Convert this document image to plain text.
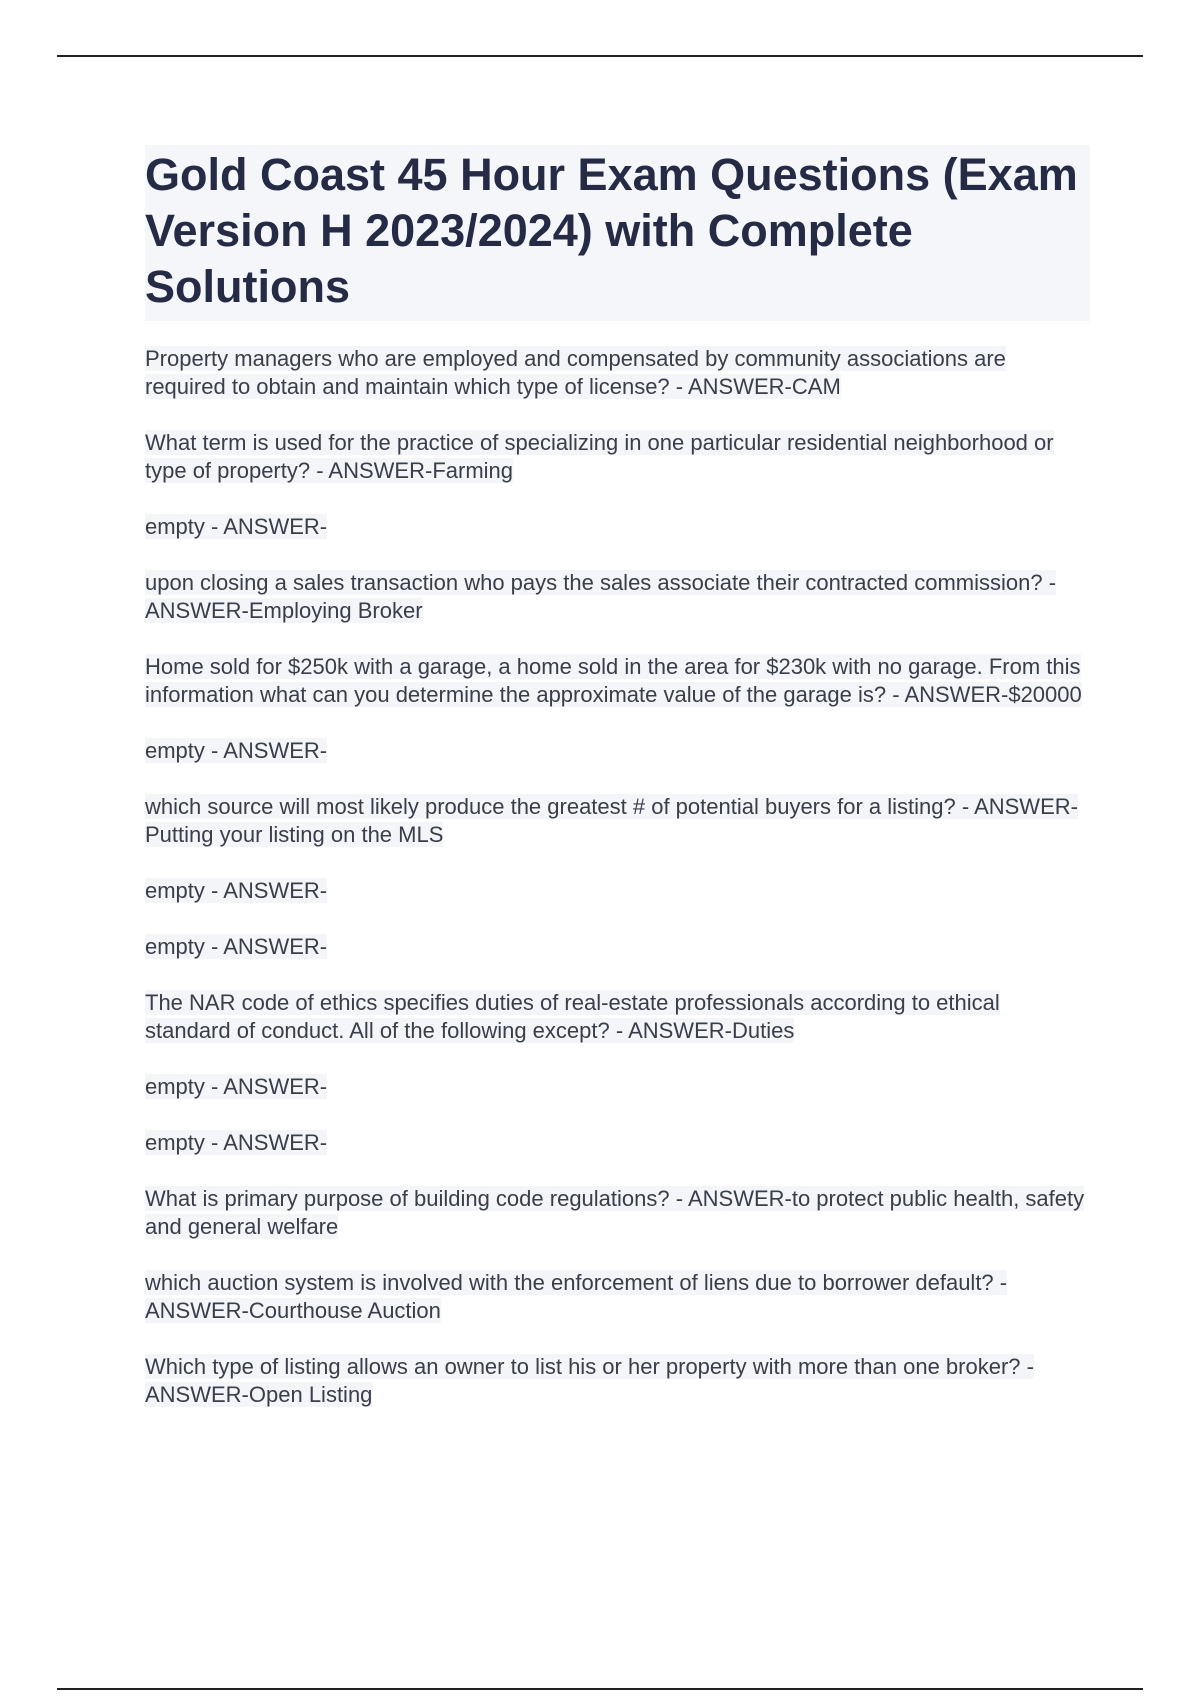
Gold Coast 45 Hour Exam Questions (Exam Version H 2023/2024) with Complete Solutions

Property managers who are employed and compensated by community associations are required to obtain and maintain which type of license? - ANSWER-CAM

What term is used for the practice of specializing in one particular residential neighborhood or type of property? - ANSWER-Farming

empty - ANSWER-

upon closing a sales transaction who pays the sales associate their contracted commission? - ANSWER-Employing Broker

Home sold for $250k with a garage, a home sold in the area for $230k with no garage. From this information what can you determine the approximate value of the garage is? - ANSWER-$20000

empty - ANSWER-

which source will most likely produce the greatest # of potential buyers for a listing? - ANSWER-Putting your listing on the MLS

empty - ANSWER-

empty - ANSWER-

The NAR code of ethics specifies duties of real-estate professionals according to ethical standard of conduct. All of the following except? - ANSWER-Duties

empty - ANSWER-

empty - ANSWER-

What is primary purpose of building code regulations? - ANSWER-to protect public health, safety and general welfare

which auction system is involved with the enforcement of liens due to borrower default? - ANSWER-Courthouse Auction

Which type of listing allows an owner to list his or her property with more than one broker? - ANSWER-Open Listing
